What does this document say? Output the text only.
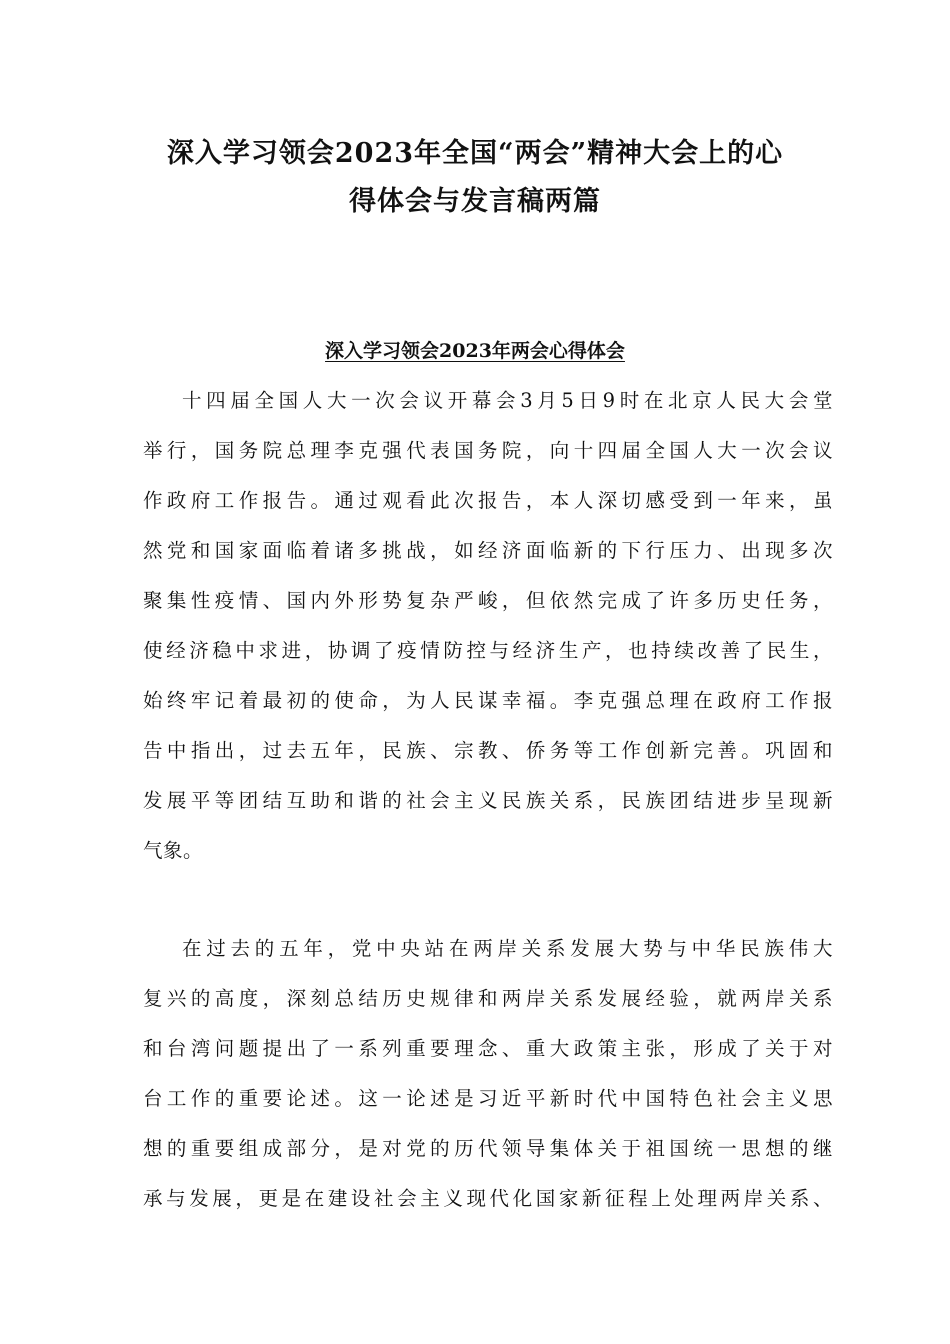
深入学习领会2023年全国“两会”精神大会上的心
得体会与发言稿两篇
深入学习领会2023年两会心得体会
十四届全国人大一次会议开幕会3月5日9时在北京人民大会堂
举行，国务院总理李克强代表国务院，向十四届全国人大一次会议
作政府工作报告。通过观看此次报告，本人深切感受到一年来，虽
然党和国家面临着诸多挑战，如经济面临新的下行压力、出现多次
聚集性疫情、国内外形势复杂严峻，但依然完成了许多历史任务，
使经济稳中求进，协调了疫情防控与经济生产，也持续改善了民生，
始终牢记着最初的使命，为人民谋幸福。李克强总理在政府工作报
告中指出，过去五年，民族、宗教、侨务等工作创新完善。巩固和
发展平等团结互助和谐的社会主义民族关系，民族团结进步呈现新
气象。
在过去的五年，党中央站在两岸关系发展大势与中华民族伟大
复兴的高度，深刻总结历史规律和两岸关系发展经验，就两岸关系
和台湾问题提出了一系列重要理念、重大政策主张，形成了关于对
台工作的重要论述。这一论述是习近平新时代中国特色社会主义思
想的重要组成部分，是对党的历代领导集体关于祖国统一思想的继
承与发展，更是在建设社会主义现代化国家新征程上处理两岸关系、
